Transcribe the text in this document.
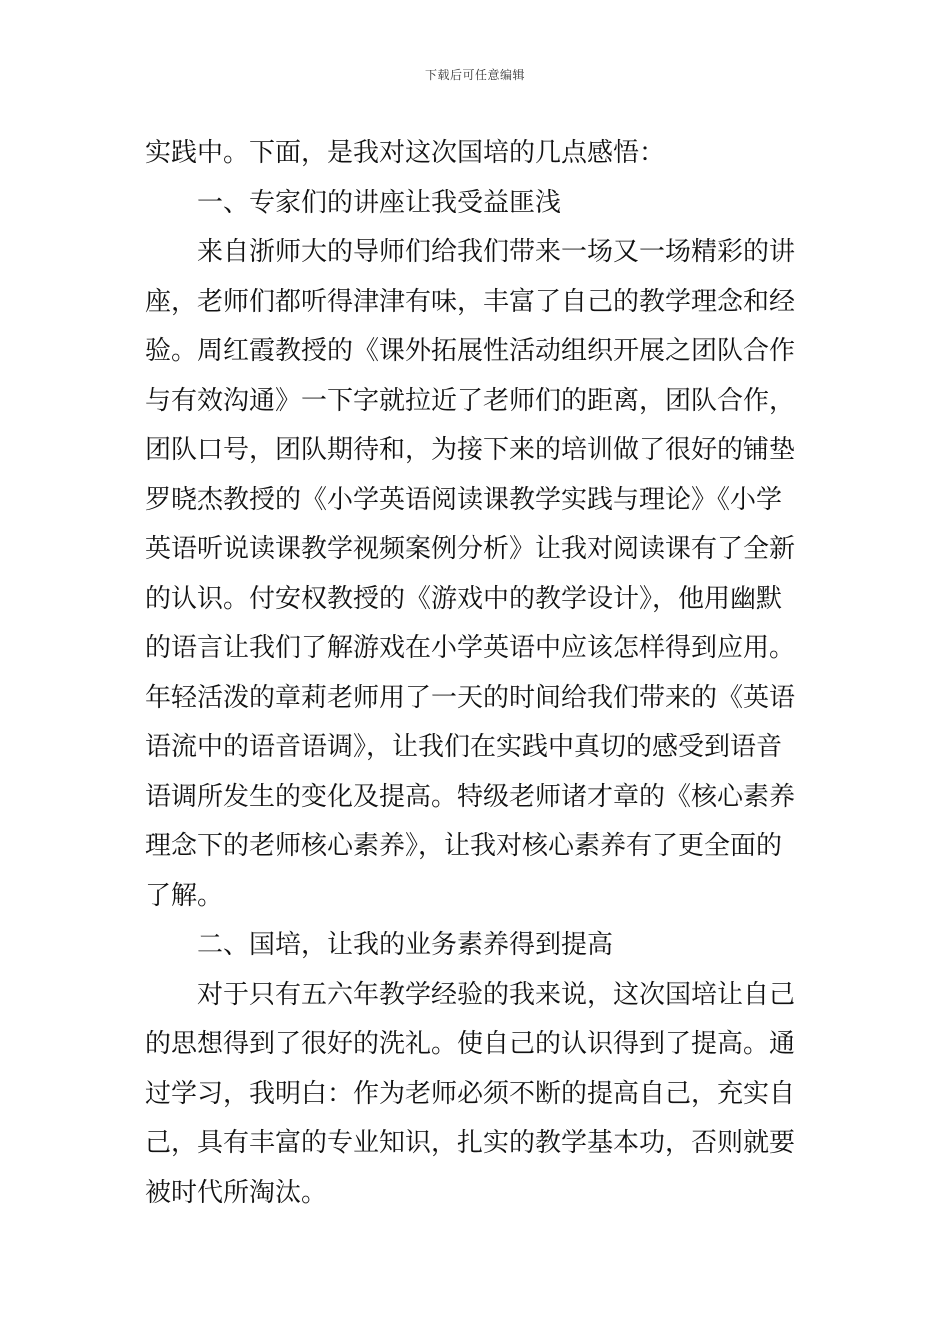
下载后可任意编辑
实践中。下面，是我对这次国培的几点感悟：
一、专家们的讲座让我受益匪浅
来自浙师大的导师们给我们带来一场又一场精彩的讲
座，老师们都听得津津有味，丰富了自己的教学理念和经
验。周红霞教授的《课外拓展性活动组织开展之团队合作
与有效沟通》一下字就拉近了老师们的距离，团队合作，
团队口号，团队期待和，为接下来的培训做了很好的铺垫
罗晓杰教授的《小学英语阅读课教学实践与理论》《小学
英语听说读课教学视频案例分析》让我对阅读课有了全新
的认识。付安权教授的《游戏中的教学设计》，他用幽默
的语言让我们了解游戏在小学英语中应该怎样得到应用。
年轻活泼的章莉老师用了一天的时间给我们带来的《英语
语流中的语音语调》，让我们在实践中真切的感受到语音
语调所发生的变化及提高。特级老师诸才章的《核心素养
理念下的老师核心素养》，让我对核心素养有了更全面的
了解。
二、国培，让我的业务素养得到提高
对于只有五六年教学经验的我来说，这次国培让自己
的思想得到了很好的洗礼。使自己的认识得到了提高。通
过学习，我明白：作为老师必须不断的提高自己，充实自
己，具有丰富的专业知识，扎实的教学基本功，否则就要
被时代所淘汰。
